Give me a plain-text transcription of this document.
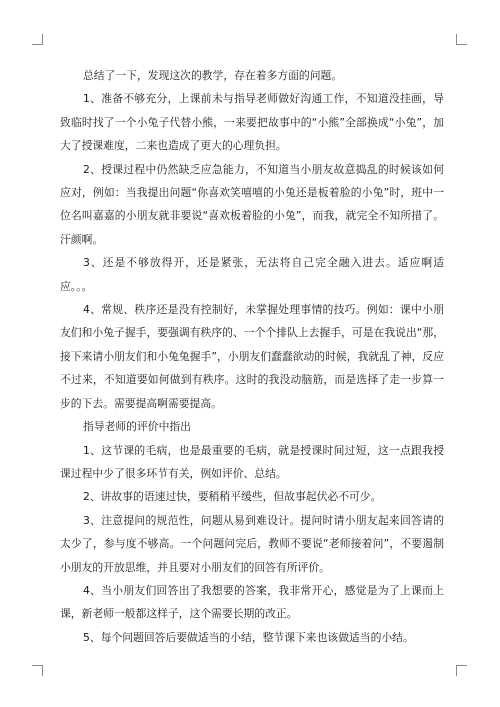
总结了一下，发现这次的教学，存在着多方面的问题。

1、准备不够充分，上课前未与指导老师做好沟通工作，不知道没挂画，导致临时找了一个小兔子代替小熊，一来要把故事中的“小熊”全部换成“小兔”，加大了授课难度，二来也造成了更大的心理负担。

2、授课过程中仍然缺乏应急能力，不知道当小朋友故意捣乱的时候该如何应对，例如：当我提出问题“你喜欢笑嘻嘻的小兔还是板着脸的小兔”时，班中一位名叫嘉嘉的小朋友就非要说“喜欢板着脸的小兔”，而我，就完全不知所措了。汗颜啊。

3、还是不够放得开，还是紧张，无法将自己完全融入进去。适应啊适应。。。

4、常规、秩序还是没有控制好，未掌握处理事情的技巧。例如：课中小朋友们和小兔子握手，要强调有秩序的、一个个排队上去握手，可是在我说出“那，接下来请小朋友们和小兔兔握手”，小朋友们蠢蠢欲动的时候，我就乱了神，反应不过来，不知道要如何做到有秩序。这时的我没动脑筋，而是选择了走一步算一步的下去。需要提高啊需要提高。

指导老师的评价中指出

1、这节课的毛病，也是最重要的毛病，就是授课时间过短，这一点跟我授课过程中少了很多环节有关，例如评价、总结。

2、讲故事的语速过快，要稍稍平缓些，但故事起伏必不可少。

3、注意提问的规范性，问题从易到难设计。提问时请小朋友起来回答请的太少了，参与度不够高。一个问题问完后，教师不要说“老师接着问”，不要遏制小朋友的开放思维，并且要对小朋友们的回答有所评价。

4、当小朋友们回答出了我想要的答案，我非常开心，感觉是为了上课而上课，新老师一般都这样子，这个需要长期的改正。

5、每个问题回答后要做适当的小结，整节课下来也该做适当的小结。
